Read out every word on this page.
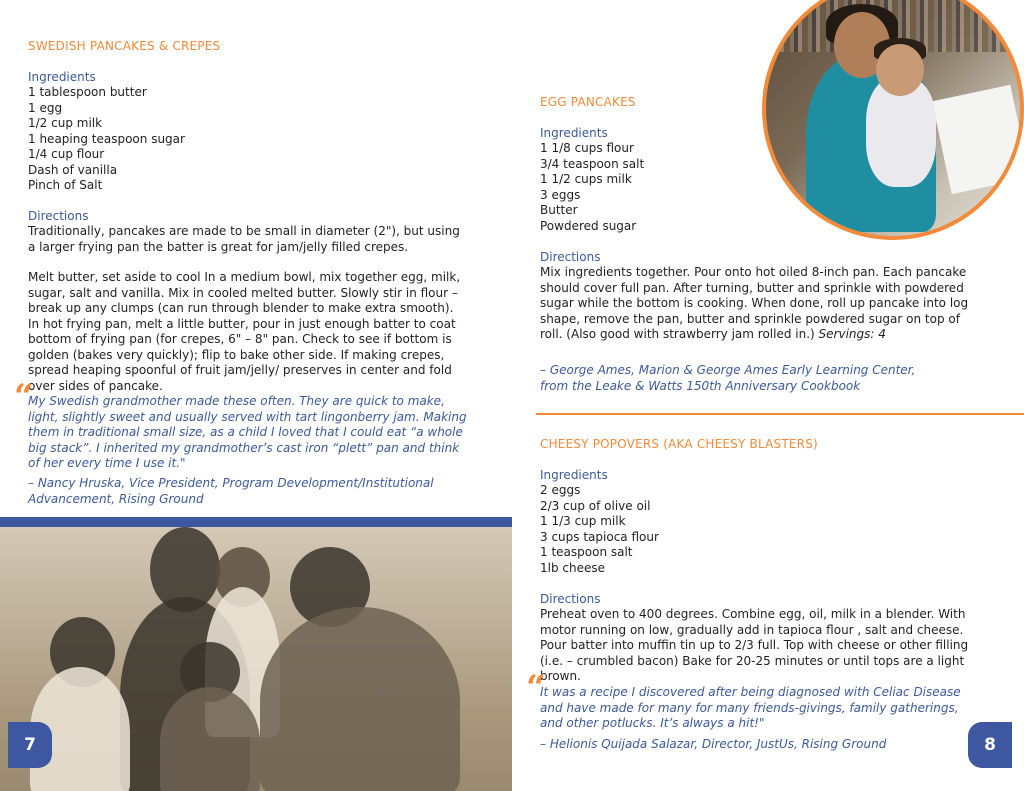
SWEDISH PANCAKES & CREPES
Ingredients
1 tablespoon butter
1 egg
1/2 cup milk
1 heaping teaspoon sugar
1/4 cup flour
Dash of vanilla
Pinch of Salt
Directions
Traditionally, pancakes are made to be small in diameter (2"), but using a larger frying pan the batter is great for jam/jelly filled crepes.
Melt butter, set aside to cool In a medium bowl, mix together egg, milk, sugar, salt and vanilla. Mix in cooled melted butter. Slowly stir in flour – break up any clumps (can run through blender to make extra smooth). In hot frying pan, melt a little butter, pour in just enough batter to coat bottom of frying pan (for crepes, 6" – 8" pan. Check to see if bottom is golden (bakes very quickly); flip to bake other side. If making crepes, spread heaping spoonful of fruit jam/jelly/ preserves in center and fold over sides of pancake.
“
My Swedish grandmother made these often. They are quick to make, light, slightly sweet and usually served with tart lingonberry jam. Making them in traditional small size, as a child I loved that I could eat “a whole big stack”. I inherited my grandmother’s cast iron “plett” pan and think of her every time I use it."
– Nancy Hruska, Vice President, Program Development/Institutional Advancement, Rising Ground
7
EGG PANCAKES
Ingredients
1 1/8 cups flour
3/4 teaspoon salt
1 1/2 cups milk
3 eggs
Butter
Powdered sugar
Directions
Mix ingredients together. Pour onto hot oiled 8-inch pan. Each pancake should cover full pan. After turning, butter and sprinkle with powdered sugar while the bottom is cooking. When done, roll up pancake into log shape, remove the pan, butter and sprinkle powdered sugar on top of roll. (Also good with strawberry jam rolled in.) Servings: 4
– George Ames, Marion & George Ames Early Learning Center,
from the Leake & Watts 150th Anniversary Cookbook
CHEESY POPOVERS (AKA CHEESY BLASTERS)
Ingredients
2 eggs
2/3 cup of olive oil
1 1/3 cup milk
3 cups tapioca flour
1 teaspoon salt
1lb cheese
Directions
Preheat oven to 400 degrees. Combine egg, oil, milk in a blender. With motor running on low, gradually add in tapioca flour , salt and cheese. Pour batter into muffin tin up to 2/3 full. Top with cheese or other filling (i.e. – crumbled bacon) Bake for 20-25 minutes or until tops are a light brown.
“
It was a recipe I discovered after being diagnosed with Celiac Disease and have made for many for many friends-givings, family gatherings, and other potlucks. It’s always a hit!"
– Helionis Quijada Salazar, Director, JustUs, Rising Ground	8
